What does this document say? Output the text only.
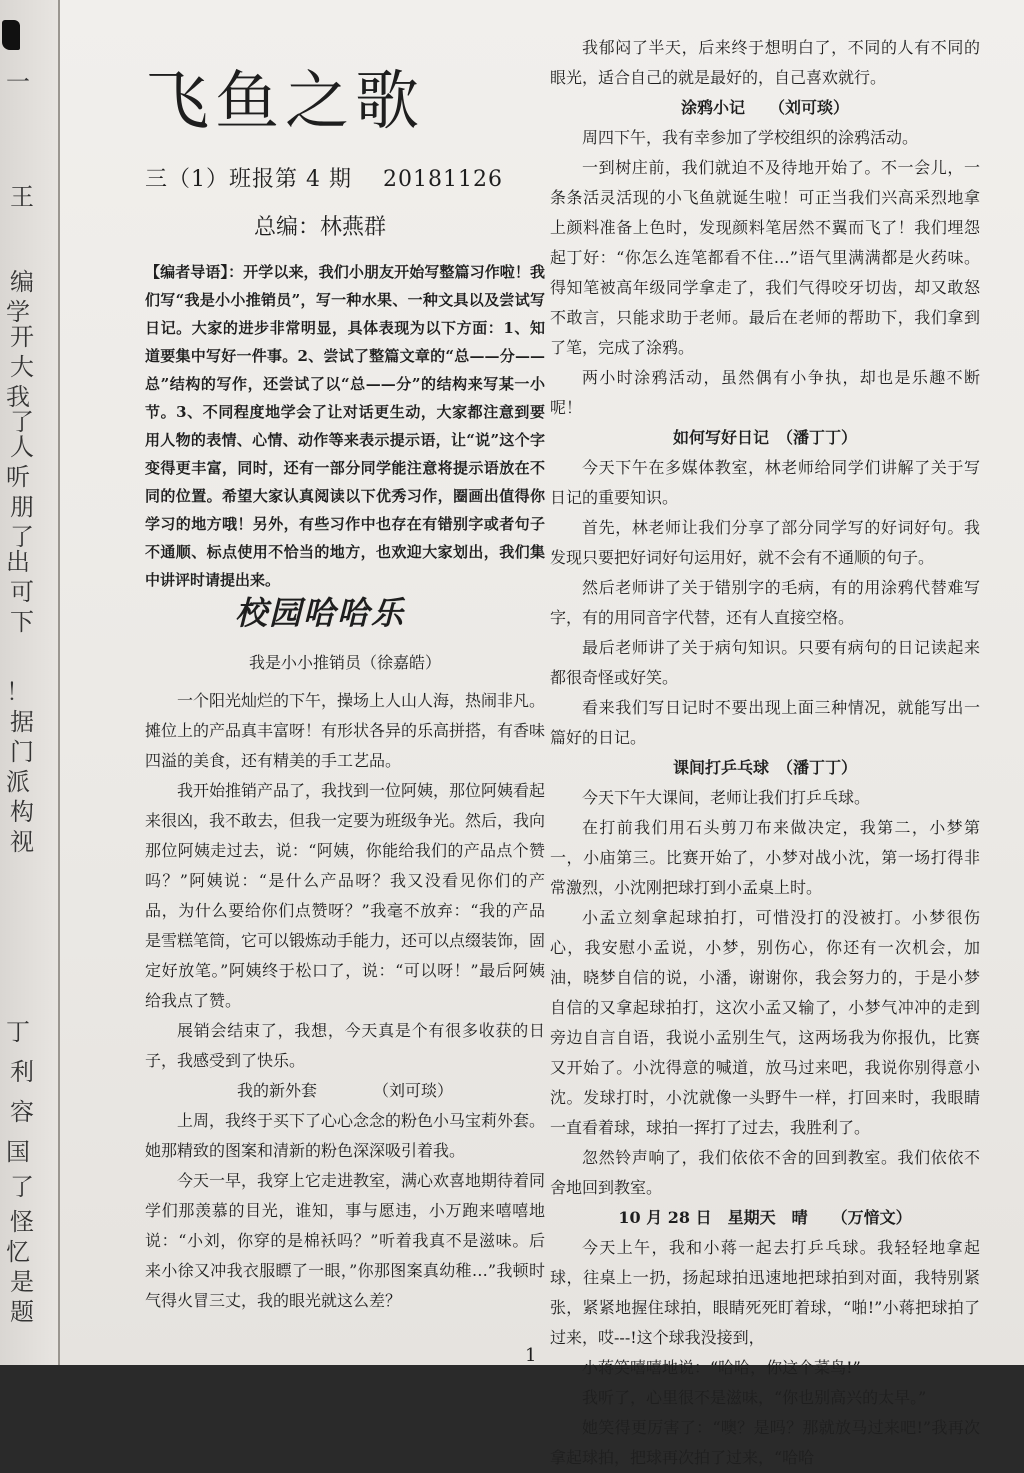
一
王
编
学
开
大
我
了
人
听
朋
了
出
可
下
！
据
门
派
构
视
丁
利
容
国
了
怪
忆
是
题
飞鱼之歌
三（1）班报第 4 期　 20181126
总编：林燕群
【编者导语】：开学以来，我们小朋友开始写整篇习作啦！我们写“我是小小推销员”，写一种水果、一种文具以及尝试写日记。大家的进步非常明显，具体表现为以下方面：1、知道要集中写好一件事。2、尝试了整篇文章的“总——分——总”结构的写作，还尝试了以“总——分”的结构来写某一小节。3、不同程度地学会了让对话更生动，大家都注意到要用人物的表情、心情、动作等来表示提示语，让“说”这个字变得更丰富，同时，还有一部分同学能注意将提示语放在不同的位置。希望大家认真阅读以下优秀习作，圈画出值得你学习的地方哦！另外，有些习作中也存在有错别字或者句子不通顺、标点使用不恰当的地方，也欢迎大家划出，我们集中讲评时请提出来。
校园哈哈乐

我是小小推销员（徐嘉皓）

一个阳光灿烂的下午，操场上人山人海，热闹非凡。摊位上的产品真丰富呀！有形状各异的乐高拼搭，有香味四溢的美食，还有精美的手工艺品。

我开始推销产品了，我找到一位阿姨，那位阿姨看起来很凶，我不敢去，但我一定要为班级争光。然后，我向那位阿姨走过去，说：“阿姨，你能给我们的产品点个赞吗？”阿姨说：“是什么产品呀？我又没看见你们的产品，为什么要给你们点赞呀？”我毫不放弃：“我的产品是雪糕笔筒，它可以锻炼动手能力，还可以点缀装饰，固定好放笔。”阿姨终于松口了，说：“可以呀！”最后阿姨给我点了赞。

展销会结束了，我想，今天真是个有很多收获的日子，我感受到了快乐。

我的新外套　　　　（刘可琰）

上周，我终于买下了心心念念的粉色小马宝莉外套。她那精致的图案和清新的粉色深深吸引着我。

今天一早，我穿上它走进教室，满心欢喜地期待着同学们那羡慕的目光，谁知，事与愿违，小万跑来嘻嘻地说：“小刘，你穿的是棉袄吗？”听着我真不是滋味。后来小徐又冲我衣服瞟了一眼，”你那图案真幼稚…”我顿时气得火冒三丈，我的眼光就这么差？

我郁闷了半天，后来终于想明白了，不同的人有不同的眼光，适合自己的就是最好的，自己喜欢就行。

涂鸦小记　　（刘可琰）

周四下午，我有幸参加了学校组织的涂鸦活动。

一到树庄前，我们就迫不及待地开始了。不一会儿，一条条活灵活现的小飞鱼就诞生啦！可正当我们兴高采烈地拿上颜料准备上色时，发现颜料笔居然不翼而飞了！我们埋怨起丁好：“你怎么连笔都看不住…”语气里满满都是火药味。得知笔被高年级同学拿走了，我们气得咬牙切齿，却又敢怒不敢言，只能求助于老师。最后在老师的帮助下，我们拿到了笔，完成了涂鸦。

两小时涂鸦活动，虽然偶有小争执，却也是乐趣不断呢！

如何写好日记　（潘丁丁）

今天下午在多媒体教室，林老师给同学们讲解了关于写日记的重要知识。

首先，林老师让我们分享了部分同学写的好词好句。我发现只要把好词好句运用好，就不会有不通顺的句子。

然后老师讲了关于错别字的毛病，有的用涂鸦代替难写字，有的用同音字代替，还有人直接空格。

最后老师讲了关于病句知识。只要有病句的日记读起来都很奇怪或好笑。

看来我们写日记时不要出现上面三种情况，就能写出一篇好的日记。

课间打乒乓球　（潘丁丁）

今天下午大课间，老师让我们打乒乓球。

在打前我们用石头剪刀布来做决定，我第二，小梦第一，小庙第三。比赛开始了，小梦对战小沈，第一场打得非常激烈，小沈刚把球打到小孟桌上时。

小孟立刻拿起球拍打，可惜没打的没被打。小梦很伤心，我安慰小孟说，小梦，别伤心，你还有一次机会，加油，晓梦自信的说，小潘，谢谢你，我会努力的，于是小梦自信的又拿起球拍打，这次小孟又输了，小梦气冲冲的走到旁边自言自语，我说小孟别生气，这两场我为你报仇，比赛又开始了。小沈得意的喊道，放马过来吧，我说你别得意小沈。发球打时，小沈就像一头野牛一样，打回来时，我眼睛一直看着球，球拍一挥打了过去，我胜利了。

忽然铃声响了，我们依依不舍的回到教室。我们依依不舍地回到教室。

10 月 28 日　星期天　晴　　（万愔文）

今天上午，我和小蒋一起去打乒乓球。我轻轻地拿起球，往桌上一扔，扬起球拍迅速地把球拍到对面，我特别紧张，紧紧地握住球拍，眼睛死死盯着球，“啪!”小蒋把球拍了过来，哎---!这个球我没接到，

小蒋笑嘻嘻地说：“哈哈，你这个菜鸟!”

我听了，心里很不是滋味，“你也别高兴的太早。”

她笑得更厉害了：“噢？是吗？那就放马过来吧!”我再次拿起球拍，把球再次拍了过来，“哈哈

1
